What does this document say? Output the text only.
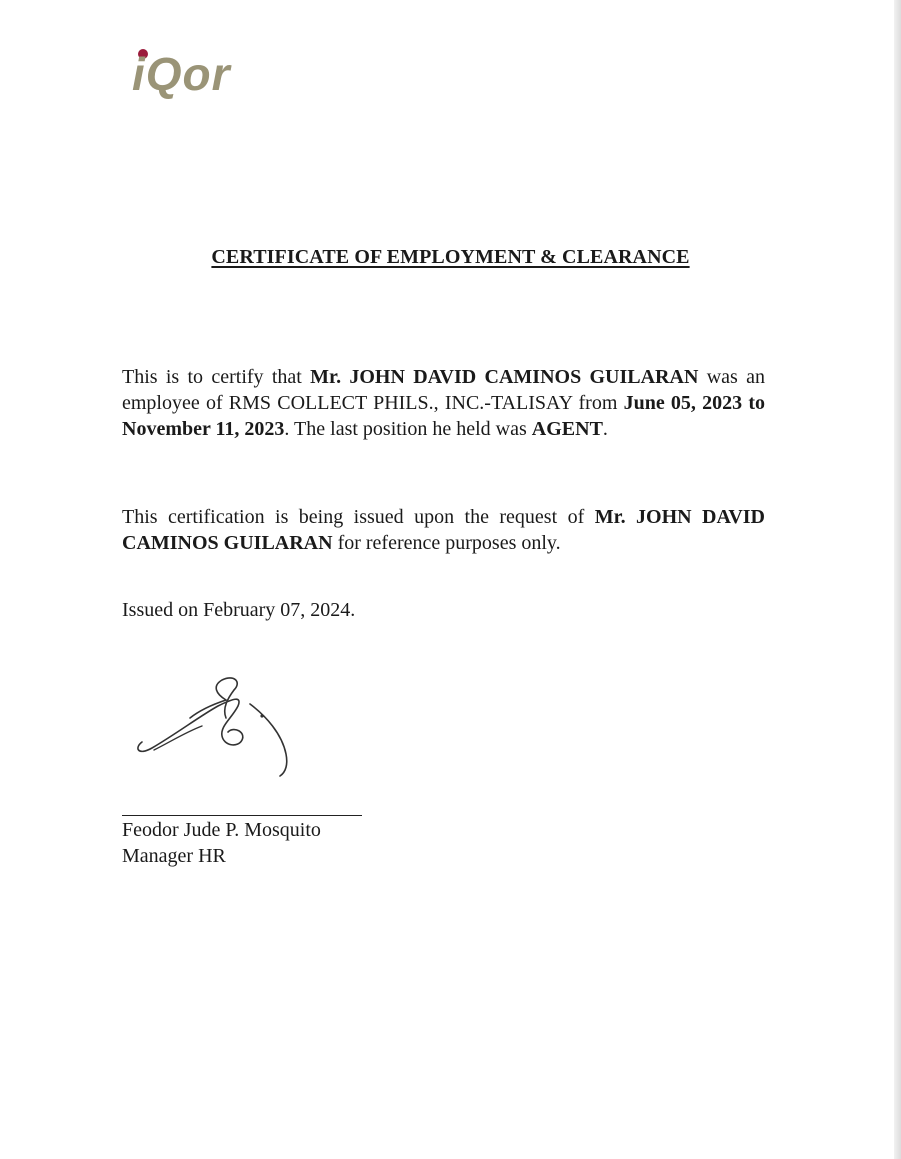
iQor
CERTIFICATE OF EMPLOYMENT & CLEARANCE

This is to certify that Mr. JOHN DAVID CAMINOS GUILARAN was an employee of RMS COLLECT PHILS., INC.-TALISAY from June 05, 2023 to November 11, 2023. The last position he held was AGENT.

This certification is being issued upon the request of Mr. JOHN DAVID CAMINOS GUILARAN for reference purposes only.

Issued on February 07, 2024.

Feodor Jude P. Mosquito
Manager HR
